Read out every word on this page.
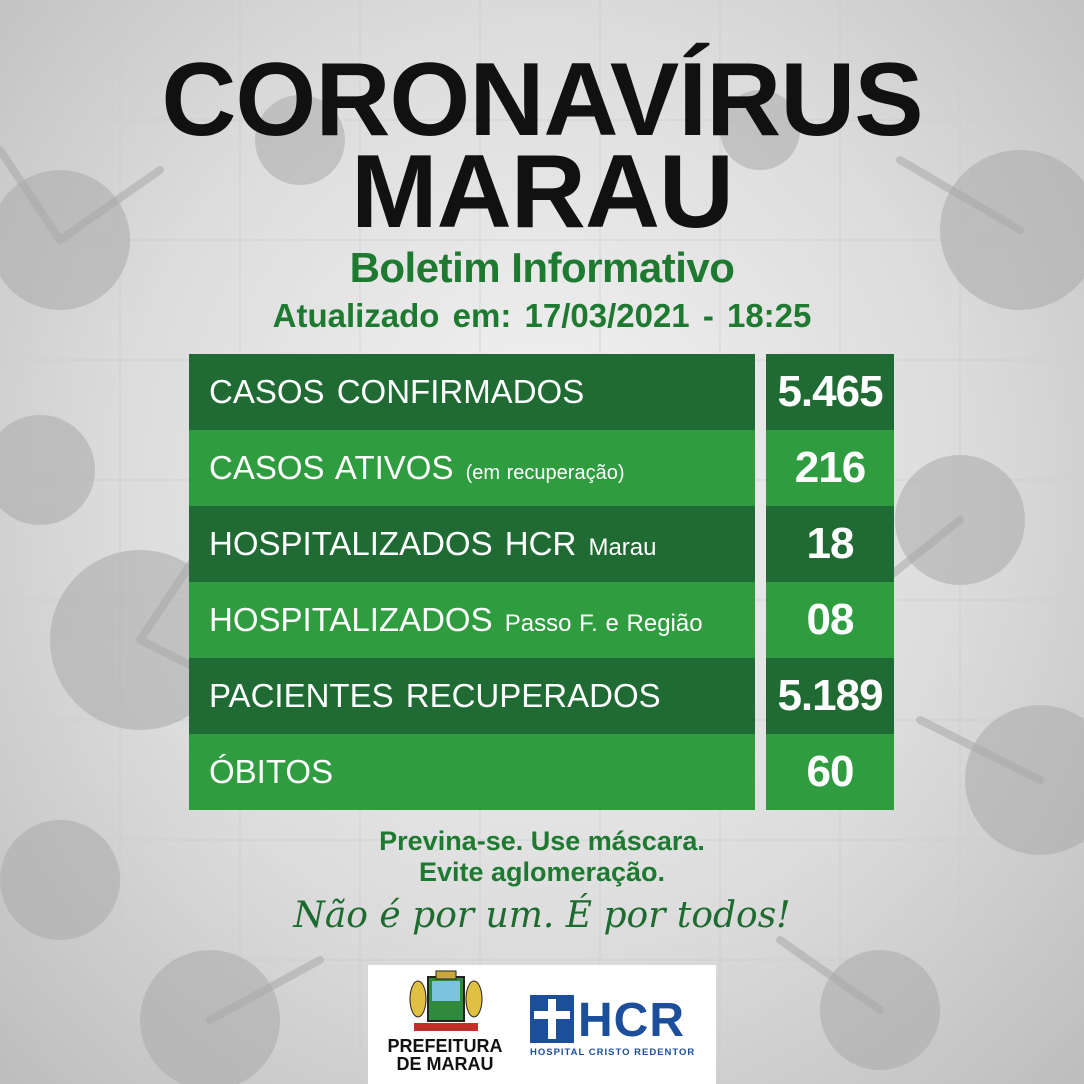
CORONAVÍRUS
MARAU
Boletim Informativo
Atualizado em: 17/03/2021 - 18:25
CASOS CONFIRMADOS	5.465
CASOS ATIVOS (em recuperação)	216
HOSPITALIZADOS HCR Marau	18
HOSPITALIZADOS Passo F. e Região	08
PACIENTES RECUPERADOS	5.189
ÓBITOS	60
Previna-se. Use máscara.
Evite aglomeração.
Não é por um. É por todos!
PREFEITURA
DE MARAU
HCR
HOSPITAL CRISTO REDENTOR
